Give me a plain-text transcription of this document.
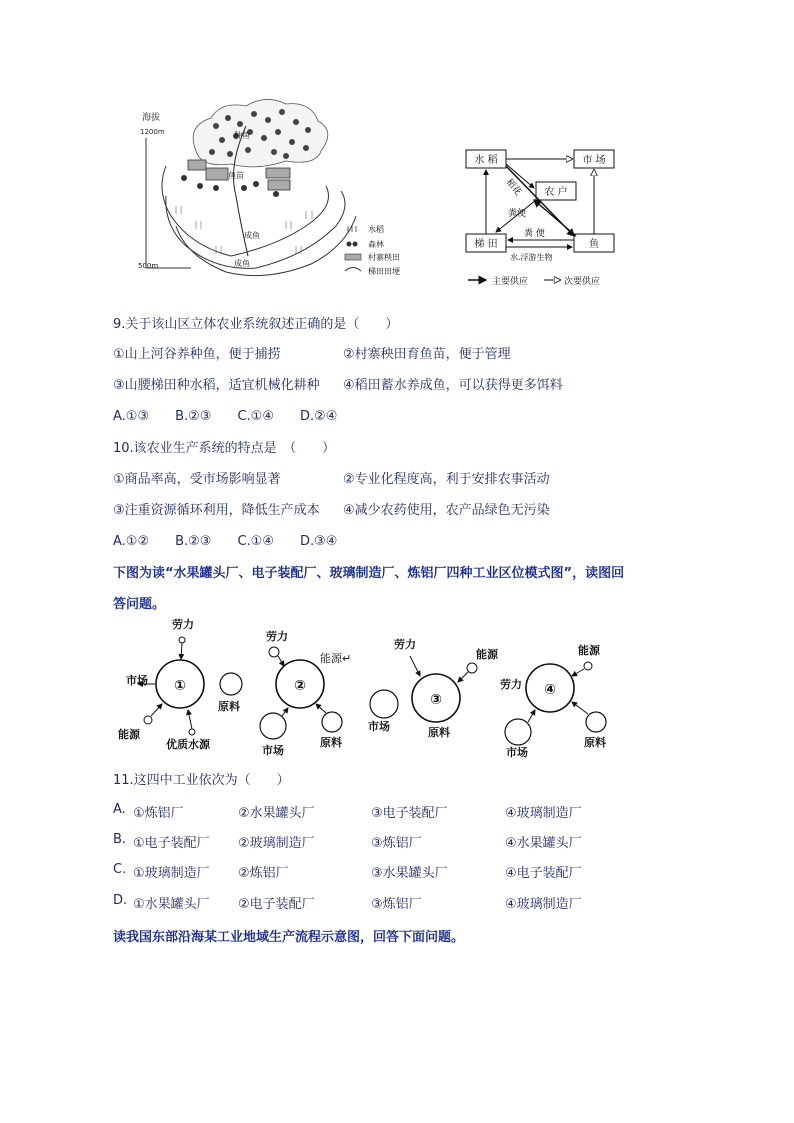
海拔
1200m
500m
种鱼
鱼苗
成鱼
成鱼
水稻
森林
村寨秧田
梯田田埂
水 稻	市 场
农 户
梯 田	鱼
稻花
粪便
粪 便
水.浮游生物
主要供应	次要供应
9.关于该山区立体农业系统叙述正确的是（　　）
①山上河谷养种鱼，便于捕捞	②村寨秧田育鱼苗，便于管理
③山腰梯田种水稻，适宜机械化耕种 ④稻田蓄水养成鱼，可以获得更多饵料
A.①③　　B.②③　　C.①④　　D.②④
10.该农业生产系统的特点是　（　　）
①商品率高，受市场影响显著	②专业化程度高，利于安排农事活动
③注重资源循环利用，降低生产成本 ④减少农药使用，农产品绿色无污染
A.①②　　B.②③　　C.①④　　D.③④
下图为读“水果罐头厂、电子装配厂、玻璃制造厂、炼铝厂四种工业区位模式图”，读图回
答问题。
①
劳力
市场
原料
能源
优质水源
②
劳力
能源↵
市场
原料
③
劳力
能源
市场	原料
④
能源
劳力
市场
原料
11.这四中工业依次为（　　）
A. ①炼铝厂	②水果罐头厂	③电子装配厂	④玻璃制造厂
B. ①电子装配厂 ②玻璃制造厂	③炼铝厂	④水果罐头厂
C. ①玻璃制造厂 ②炼铝厂	③水果罐头厂	④电子装配厂
D. ①水果罐头厂 ②电子装配厂	③炼铝厂	④玻璃制造厂
读我国东部沿海某工业地域生产流程示意图，回答下面问题。
